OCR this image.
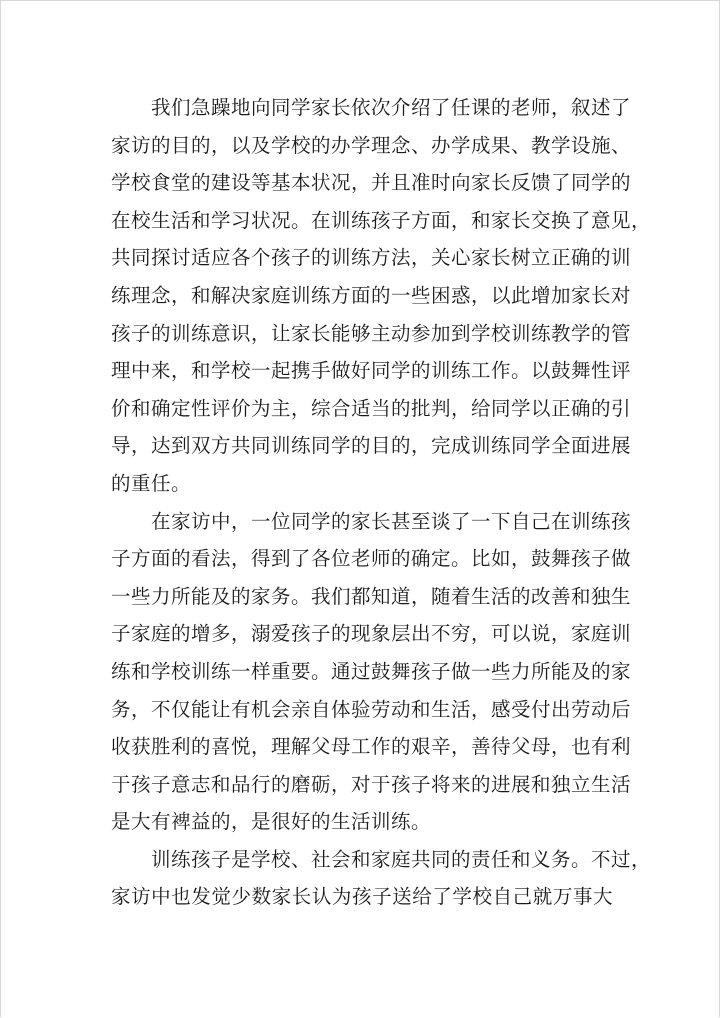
我们急躁地向同学家长依次介绍了任课的老师，叙述了
家访的目的，以及学校的办学理念、办学成果、教学设施、
学校食堂的建设等基本状况，并且准时向家长反馈了同学的
在校生活和学习状况。在训练孩子方面，和家长交换了意见，
共同探讨适应各个孩子的训练方法，关心家长树立正确的训
练理念，和解决家庭训练方面的一些困惑，以此增加家长对
孩子的训练意识，让家长能够主动参加到学校训练教学的管
理中来，和学校一起携手做好同学的训练工作。以鼓舞性评
价和确定性评价为主，综合适当的批判，给同学以正确的引
导，达到双方共同训练同学的目的，完成训练同学全面进展
的重任。
在家访中，一位同学的家长甚至谈了一下自己在训练孩
子方面的看法，得到了各位老师的确定。比如，鼓舞孩子做
一些力所能及的家务。我们都知道，随着生活的改善和独生
子家庭的增多，溺爱孩子的现象层出不穷，可以说，家庭训
练和学校训练一样重要。通过鼓舞孩子做一些力所能及的家
务，不仅能让有机会亲自体验劳动和生活，感受付出劳动后
收获胜利的喜悦，理解父母工作的艰辛，善待父母，也有利
于孩子意志和品行的磨砺，对于孩子将来的进展和独立生活
是大有裨益的，是很好的生活训练。
训练孩子是学校、社会和家庭共同的责任和义务。不过，
家访中也发觉少数家长认为孩子送给了学校自己就万事大
